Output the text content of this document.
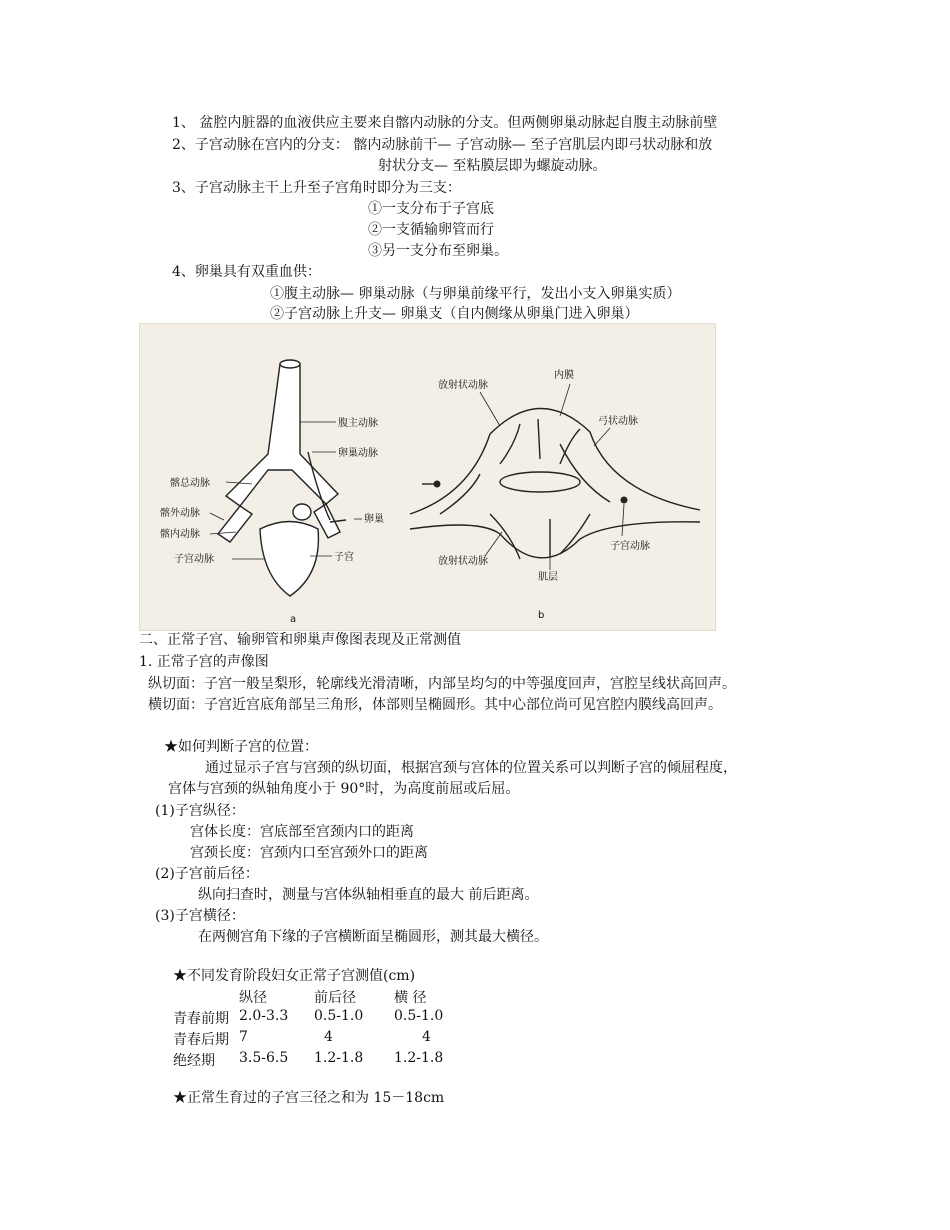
1、 盆腔内脏器的血液供应主要来自髂内动脉的分支。但两侧卵巢动脉起自腹主动脉前壁
2、子宫动脉在宫内的分支： 髂内动脉前干— 子宫动脉— 至子宫肌层内即弓状动脉和放
射状分支— 至粘膜层即为螺旋动脉。
3、子宫动脉主干上升至子宫角时即分为三支：
①一支分布于子宫底
②一支循输卵管而行
③另一支分布至卵巢。
4、卵巢具有双重血供：
①腹主动脉— 卵巢动脉（与卵巢前缘平行，发出小支入卵巢实质）
②子宫动脉上升支— 卵巢支（自内侧缘从卵巢门进入卵巢）
腹主动脉
卵巢动脉
髂总动脉
髂外动脉
髂内动脉
卵巢
子宫动脉	子宫
a
放射状动脉
内膜
弓状动脉
子宫动脉
放射状动脉
肌层
b
二、正常子宫、输卵管和卵巢声像图表现及正常测值
1. 正常子宫的声像图
纵切面：子宫一般呈梨形，轮廓线光滑清晰，内部呈均匀的中等强度回声，宫腔呈线状高回声。
横切面：子宫近宫底角部呈三角形，体部则呈椭圆形。其中心部位尚可见宫腔内膜线高回声。
★如何判断子宫的位置：
通过显示子宫与宫颈的纵切面，根据宫颈与宫体的位置关系可以判断子宫的倾屈程度，
宫体与宫颈的纵轴角度小于 90°时，为高度前屈或后屈。
(1)子宫纵径：
宫体长度：宫底部至宫颈内口的距离
宫颈长度：宫颈内口至宫颈外口的距离
(2)子宫前后径：
纵向扫查时，测量与宫体纵轴相垂直的最大 前后距离。
(3)子宫横径：
在两侧宫角下缘的子宫横断面呈椭圆形，测其最大横径。
★不同发育阶段妇女正常子宫测值(cm)
	纵径	前后径	横 径
青春前期	2.0-3.3	0.5-1.0	0.5-1.0
青春后期	7	4	4
绝经期	3.5-6.5	1.2-1.8	1.2-1.8
★正常生育过的子宫三径之和为 15－18cm
